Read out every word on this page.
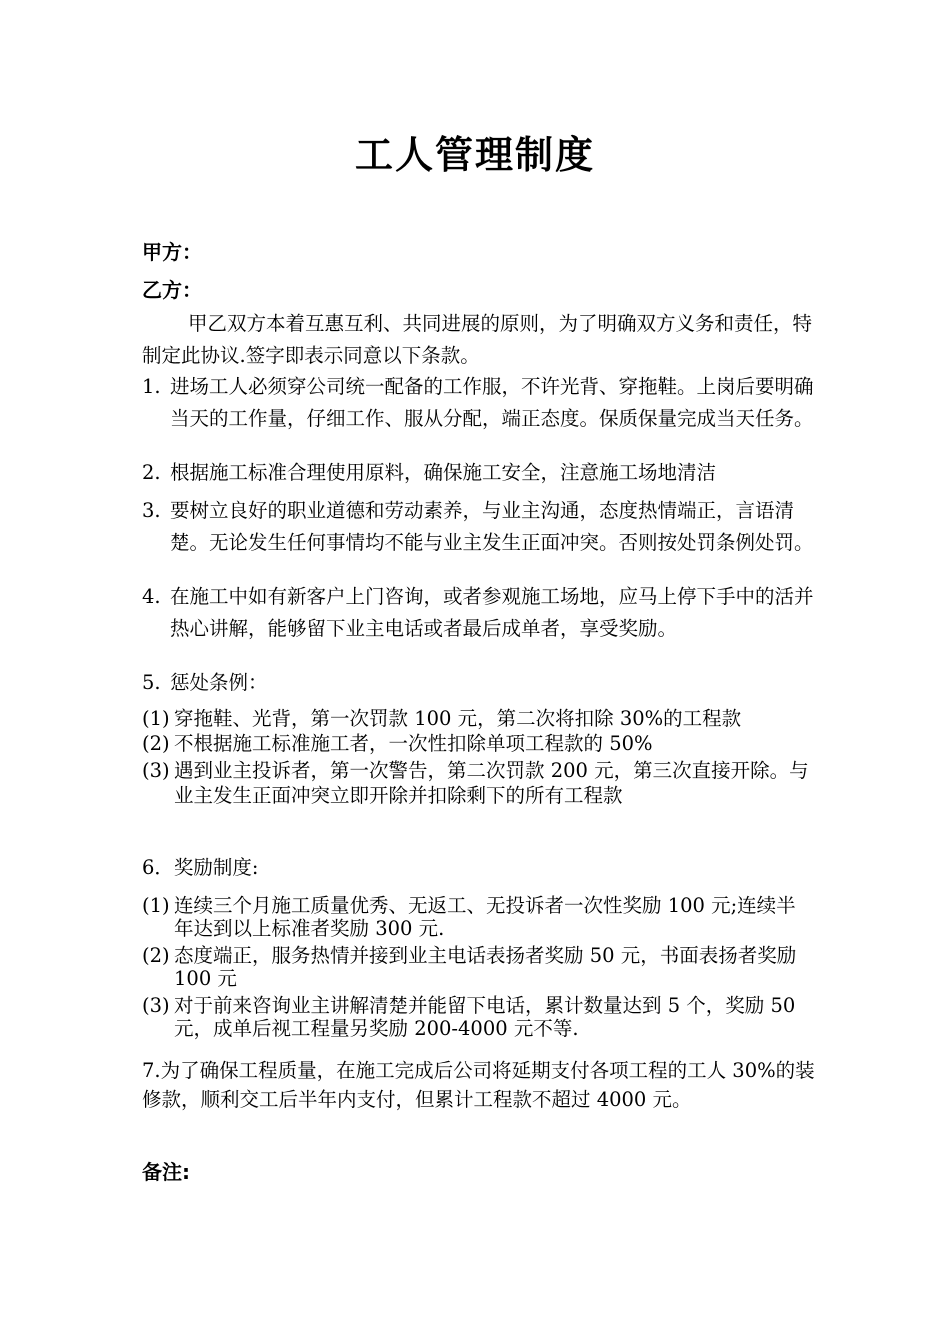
工人管理制度
甲方：
乙方：
甲乙双方本着互惠互利、共同进展的原则，为了明确双方义务和责任，特制定此协议.签字即表示同意以下条款。
1. 进场工人必须穿公司统一配备的工作服，不许光背、穿拖鞋。上岗后要明确当天的工作量，仔细工作、服从分配，端正态度。保质保量完成当天任务。
2. 根据施工标准合理使用原料，确保施工安全，注意施工场地清洁
3. 要树立良好的职业道德和劳动素养，与业主沟通，态度热情端正，言语清楚。无论发生任何事情均不能与业主发生正面冲突。否则按处罚条例处罚。
4. 在施工中如有新客户上门咨询，或者参观施工场地，应马上停下手中的活并热心讲解，能够留下业主电话或者最后成单者，享受奖励。
5. 惩处条例：
(1) 穿拖鞋、光背，第一次罚款 100 元，第二次将扣除 30%的工程款
(2) 不根据施工标准施工者，一次性扣除单项工程款的 50%
(3) 遇到业主投诉者，第一次警告，第二次罚款 200 元，第三次直接开除。与业主发生正面冲突立即开除并扣除剩下的所有工程款
6．奖励制度:
(1) 连续三个月施工质量优秀、无返工、无投诉者一次性奖励 100 元;连续半年达到以上标准者奖励 300 元.
(2) 态度端正，服务热情并接到业主电话表扬者奖励 50 元，书面表扬者奖励 100 元
(3) 对于前来咨询业主讲解清楚并能留下电话，累计数量达到 5 个，奖励 50 元，成单后视工程量另奖励 200-4000 元不等.
7.为了确保工程质量，在施工完成后公司将延期支付各项工程的工人 30%的装修款，顺利交工后半年内支付，但累计工程款不超过 4000 元。
备注:
